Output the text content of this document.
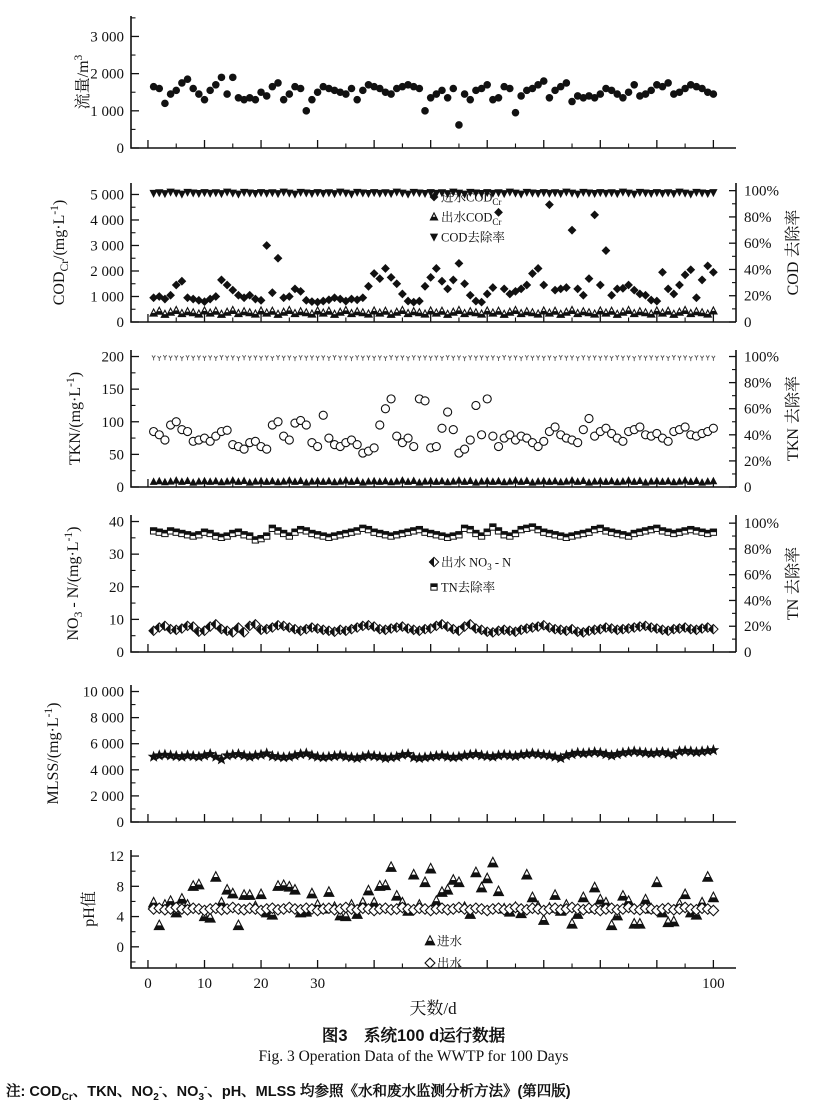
0
1 000
2 000
3 000
流量$/m^3$
0
1 000
2 000
3 000
4 000
5 000
0
20%
40%
60%
80%
100%
COD 去除率
$COD_{Cr}/(mg\cdot L^{-1})$	进水$COD_{Cr}$
出水$COD_{Cr}$
COD去除率
0
50
100
150
200
0
20%
40%
60%
80%
100%
TKN 去除率
TKN/$(mg\cdot L^{-1})$
0
10
20
30
40
0
20%
40%
60%
80%
100%
TN 去除率
$NO_3 - N/(mg\cdot L^{-1})$
出水 $NO_3$ $^{- N}$
TN去除率
0
2 000
4 000
6 000
8 000
10 000
MLSS/$(mg\cdot L^{-1})$
0
4
8
12
0	10	20	30	100
pH值
进水
出水
天数/d
图3　系统100 d运行数据
Fig. 3 Operation Data of the WWTP for 100 Days
注: $COD_{Cr}$、TKN、$NO_2^-$、$NO_3^-$、pH、MLSS 均参照《水和废水监测分析方法》(第四版)
